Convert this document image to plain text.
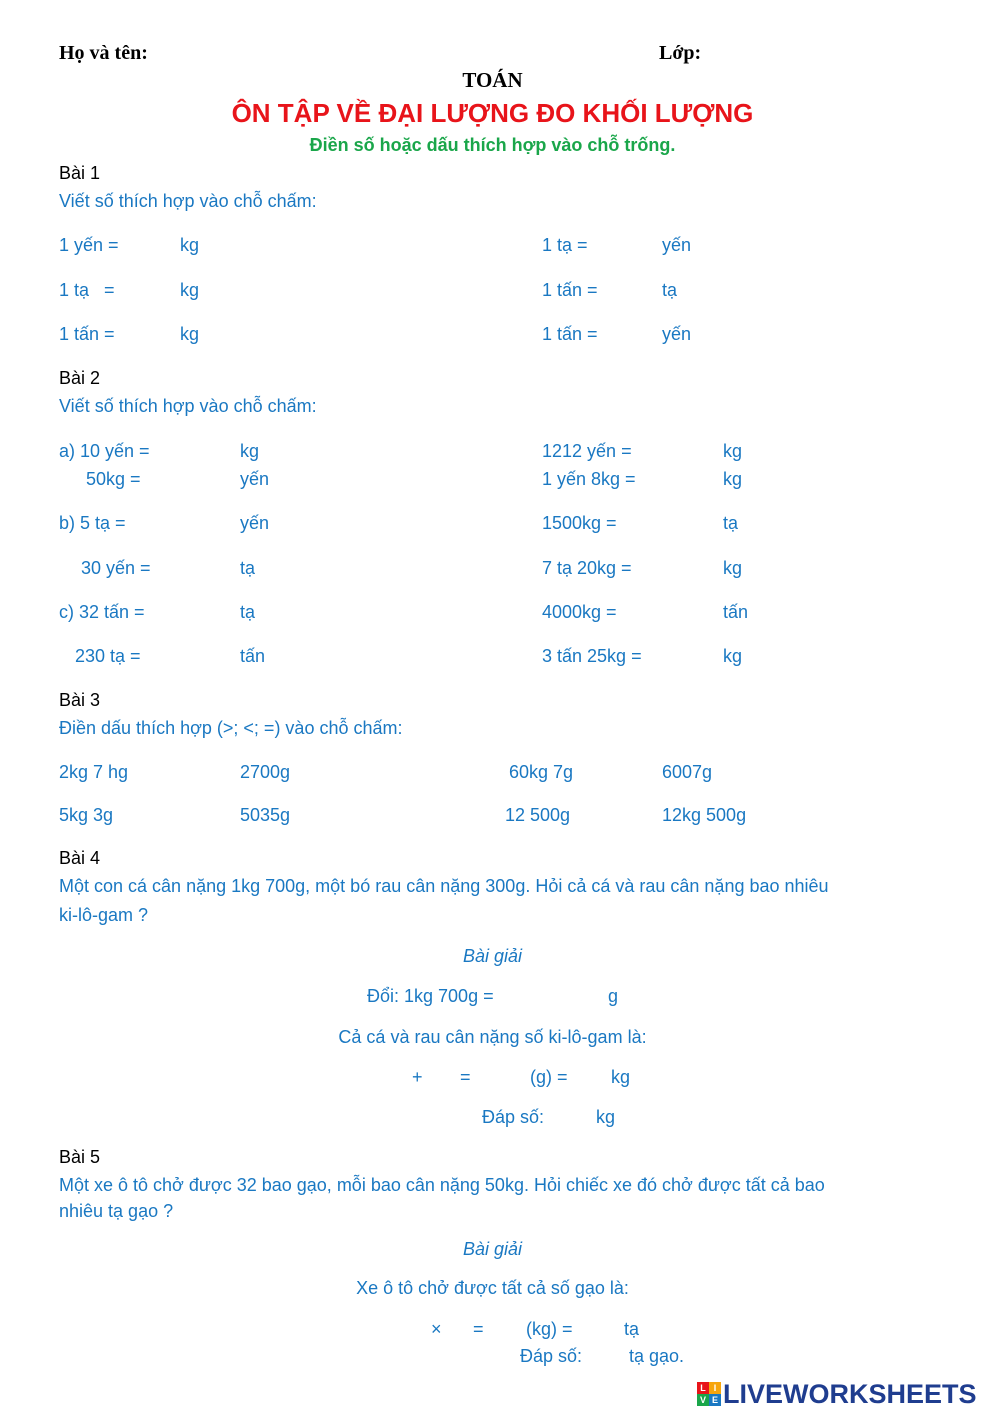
Họ và tên:	Lớp:
TOÁN
ÔN TẬP VỀ ĐẠI LƯỢNG ĐO KHỐI LƯỢNG
Điền số hoặc dấu thích hợp vào chỗ trống.
Bài 1
Viết số thích hợp vào chỗ chấm:
1 yến =	kg	1 tạ =	yến
1 tạ   =	kg	1 tấn =	tạ
1 tấn =	kg	1 tấn =	yến
Bài 2
Viết số thích hợp vào chỗ chấm:
a) 10 yến =	kg	1212 yến =	kg
50kg =	yến	1 yến 8kg =	kg
b) 5 tạ =	yến	1500kg =	tạ
30 yến =	tạ	7 tạ 20kg =	kg
c) 32 tấn =	tạ	4000kg =	tấn
230 tạ =	tấn	3 tấn 25kg =	kg
Bài 3
Điền dấu thích hợp (>; <; =) vào chỗ chấm:
2kg 7 hg	2700g	60kg 7g	6007g
5kg 3g	5035g	12 500g	12kg 500g
Bài 4
Một con cá cân nặng 1kg 700g, một bó rau cân nặng 300g. Hỏi cả cá và rau cân nặng bao nhiêu
ki-lô-gam ?
Bài giải
Đổi: 1kg 700g =	g
Cả cá và rau cân nặng số ki-lô-gam là:
+ =	(g) = kg
Đáp số:	kg
Bài 5
Một xe ô tô chở được 32 bao gạo, mỗi bao cân nặng 50kg. Hỏi chiếc xe đó chở được tất cả bao
nhiêu tạ gạo ?
Bài giải
Xe ô tô chở được tất cả số gạo là:
× = (kg) =	tạ
Đáp số:	tạ gạo.
L I
V E LIVEWORKSHEETS
